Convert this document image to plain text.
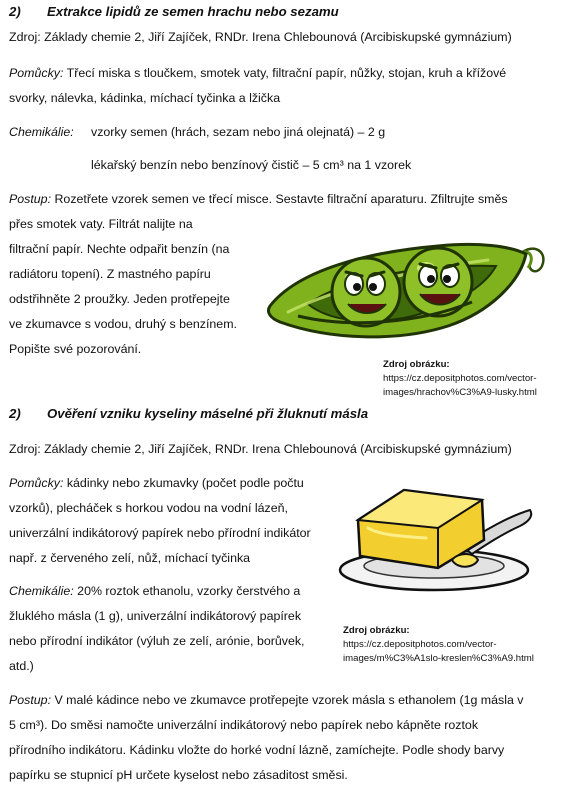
2) Extrakce lipidů ze semen hrachu nebo sezamu
Zdroj: Základy chemie 2, Jiří Zajíček, RNDr. Irena Chlebounová (Arcibiskupské gymnázium)
Pomůcky: Třecí miska s tloučkem, smotek vaty, filtrační papír, nůžky, stojan, kruh a křížové
svorky, nálevka, kádinka, míchací tyčinka a lžička
Chemikálie: vzorky semen (hrách, sezam nebo jiná olejnatá) – 2 g
lékařský benzín nebo benzínový čistič – 5 cm³ na 1 vzorek
Postup: Rozetřete vzorek semen ve třecí misce. Sestavte filtrační aparaturu. Zfiltrujte směs
přes smotek vaty. Filtrát nalijte na
filtrační papír. Nechte odpařit benzín (na
radiátoru topení). Z mastného papíru
odstřihněte 2 proužky. Jeden protřepejte
ve zkumavce s vodou, druhý s benzínem.
Popište své pozorování.
Zdroj obrázku:
https://cz.depositphotos.com/vector-
images/hrachov%C3%A9-lusky.html
2) Ověření vzniku kyseliny máselné při žluknutí másla
Zdroj: Základy chemie 2, Jiří Zajíček, RNDr. Irena Chlebounová (Arcibiskupské gymnázium)
Pomůcky: kádinky nebo zkumavky (počet podle počtu
vzorků), plecháček s horkou vodou na vodní lázeň,
univerzální indikátorový papírek nebo přírodní indikátor
např. z červeného zelí, nůž, míchací tyčinka
Chemikálie: 20% roztok ethanolu, vzorky čerstvého a
žluklého másla (1 g), univerzální indikátorový papírek
nebo přírodní indikátor (výluh ze zelí, arónie, borůvek,
atd.)
Zdroj obrázku:
https://cz.depositphotos.com/vector-
images/m%C3%A1slo-kreslen%C3%A9.html
Postup: V malé kádince nebo ve zkumavce protřepejte vzorek másla s ethanolem (1g másla v
5 cm³). Do směsi namočte univerzální indikátorový nebo papírek nebo kápněte roztok
přírodního indikátoru. Kádinku vložte do horké vodní lázně, zamíchejte. Podle shody barvy
papírku se stupnicí pH určete kyselost nebo zásaditost směsi.
